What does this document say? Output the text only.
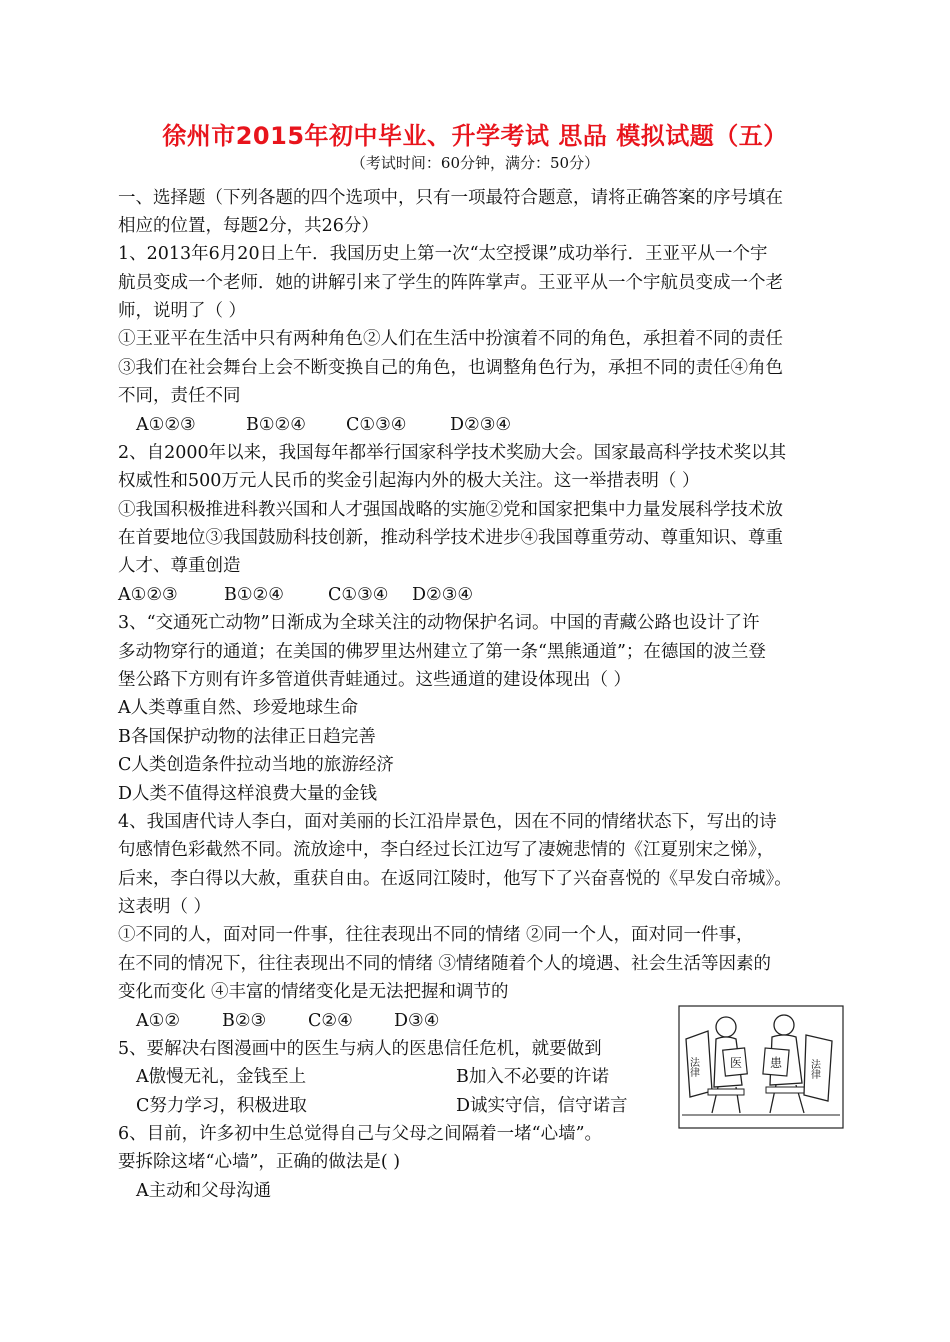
徐州市2015年初中毕业、升学考试 思品 模拟试题（五）
（考试时间：60分钟，满分：50分）
一、选择题（下列各题的四个选项中，只有一项最符合题意，请将正确答案的序号填在
相应的位置，每题2分，共26分）
1、2013年6月20日上午．我国历史上第一次“太空授课”成功举行．王亚平从一个宇
航员变成一个老师．她的讲解引来了学生的阵阵掌声。王亚平从一个宇航员变成一个老
师，说明了（ ）
①王亚平在生活中只有两种角色②人们在生活中扮演着不同的角色，承担着不同的责任
③我们在社会舞台上会不断变换自己的角色，也调整角色行为，承担不同的责任④角色
不同，责任不同
A①②③	B①②④ C①③④ D②③④
2、自2000年以来，我国每年都举行国家科学技术奖励大会。国家最高科学技术奖以其
权威性和500万元人民币的奖金引起海内外的极大关注。这一举措表明（ ）
①我国积极推进科教兴国和人才强国战略的实施②党和国家把集中力量发展科学技术放
在首要地位③我国鼓励科技创新，推动科学技术进步④我国尊重劳动、尊重知识、尊重
人才、尊重创造
A①②③	B①②④	C①③④ D②③④
3、“交通死亡动物”日渐成为全球关注的动物保护名词。中国的青藏公路也设计了许
多动物穿行的通道；在美国的佛罗里达州建立了第一条“黑熊通道”；在德国的波兰登
堡公路下方则有许多管道供青蛙通过。这些通道的建设体现出（ ）
A人类尊重自然、珍爱地球生命
B各国保护动物的法律正日趋完善
C人类创造条件拉动当地的旅游经济
D人类不值得这样浪费大量的金钱
4、我国唐代诗人李白，面对美丽的长江沿岸景色，因在不同的情绪状态下，写出的诗
句感情色彩截然不同。流放途中，李白经过长江边写了凄婉悲情的《江夏别宋之悌》，
后来，李白得以大赦，重获自由。在返同江陵时，他写下了兴奋喜悦的《早发白帝城》。
这表明（ ）
①不同的人，面对同一件事，往往表现出不同的情绪 ②同一个人，面对同一件事，
在不同的情况下，往往表现出不同的情绪 ③情绪随着个人的境遇、社会生活等因素的
变化而变化 ④丰富的情绪变化是无法把握和调节的
A①② B②③ C②④ D③④
5、要解决右图漫画中的医生与病人的医患信任危机，就要做到
A傲慢无礼，金钱至上	B加入不必要的许诺
C努力学习，积极进取	D诚实守信，信守诺言
6、目前，许多初中生总觉得自己与父母之间隔着一堵“心墙”。
要拆除这堵“心墙”，正确的做法是( )
A主动和父母沟通
法律	医 患	法律
